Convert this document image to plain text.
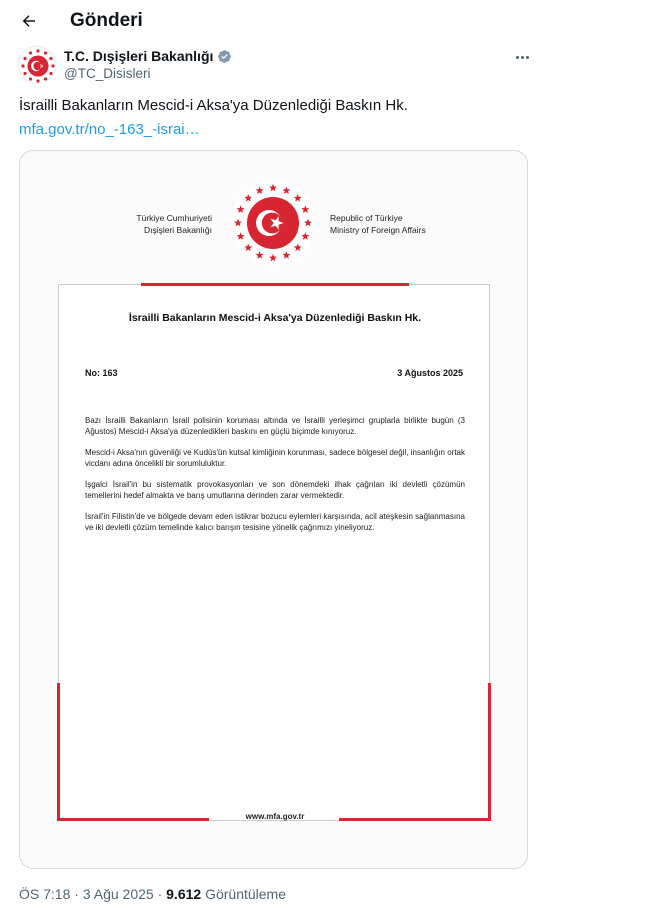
Gönderi
T.C. Dışişleri Bakanlığı
@TC_Disisleri
İsrailli Bakanların Mescid-i Aksa'ya Düzenlediği Baskın Hk.
mfa.gov.tr/no_-163_-israi…
Türkiye Cumhuriyeti
Dışişleri Bakanlığı
Republic of Türkiye
Ministry of Foreign Affairs
İsrailli Bakanların Mescid-i Aksa'ya Düzenlediği Baskın Hk.
No: 163	3 Ağustos 2025

Bazı İsrailli Bakanların İsrail polisinin koruması altında ve İsrailli yerleşimci gruplarla birlikte bugün (3 Ağustos) Mescid-i Aksa'ya düzenledikleri baskını en güçlü biçimde kınıyoruz.

Mescid-i Aksa'nın güvenliği ve Kudüs'ün kutsal kimliğinin korunması, sadece bölgesel değil, insanlığın ortak vicdanı adına öncelikli bir sorumluluktur.

İşgalci İsrail'in bu sistematik provokasyonları ve son dönemdeki ilhak çağrıları iki devletli çözümün temellerini hedef almakta ve barış umutlarına derinden zarar vermektedir.

İsrail'in Filistin'de ve bölgede devam eden istikrar bozucu eylemleri karşısında, acil ateşkesin sağlanmasına ve iki devletli çözüm temelinde kalıcı barışın tesisine yönelik çağrımızı yineliyoruz.

www.mfa.gov.tr
ÖS 7:18 · 3 Ağu 2025 · 9.612 Görüntüleme
